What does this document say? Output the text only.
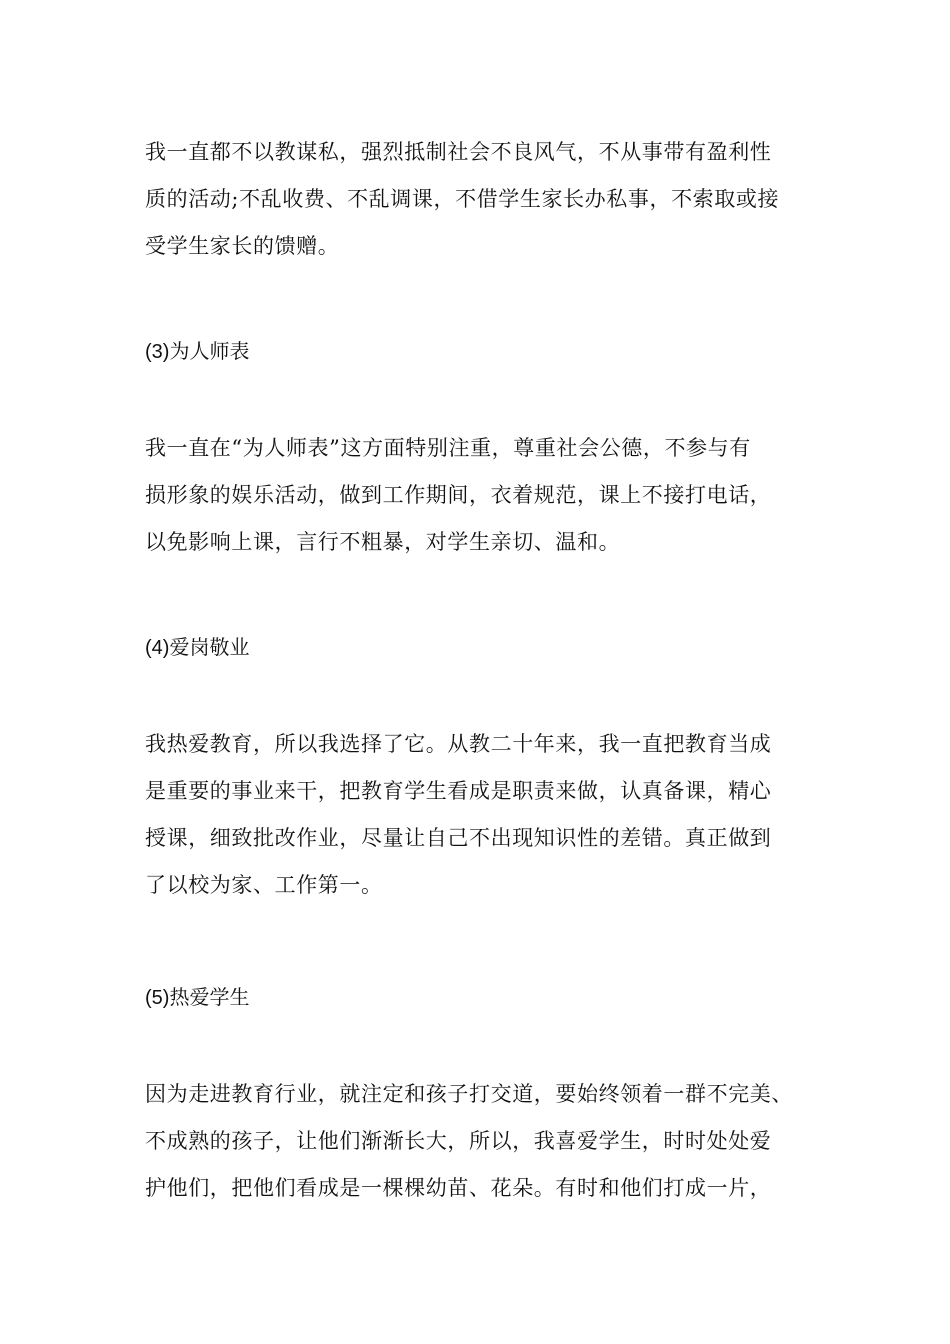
我一直都不以教谋私，强烈抵制社会不良风气，不从事带有盈利性
质的活动;不乱收费、不乱调课，不借学生家长办私事，不索取或接
受学生家长的馈赠。

(3)为人师表

我一直在“为人师表”这方面特别注重，尊重社会公德，不参与有
损形象的娱乐活动，做到工作期间，衣着规范，课上不接打电话，
以免影响上课，言行不粗暴，对学生亲切、温和。

(4)爱岗敬业

我热爱教育，所以我选择了它。从教二十年来，我一直把教育当成
是重要的事业来干，把教育学生看成是职责来做，认真备课，精心
授课，细致批改作业，尽量让自己不出现知识性的差错。真正做到
了以校为家、工作第一。

(5)热爱学生

因为走进教育行业，就注定和孩子打交道，要始终领着一群不完美、
不成熟的孩子，让他们渐渐长大，所以，我喜爱学生，时时处处爱
护他们，把他们看成是一棵棵幼苗、花朵。有时和他们打成一片，
